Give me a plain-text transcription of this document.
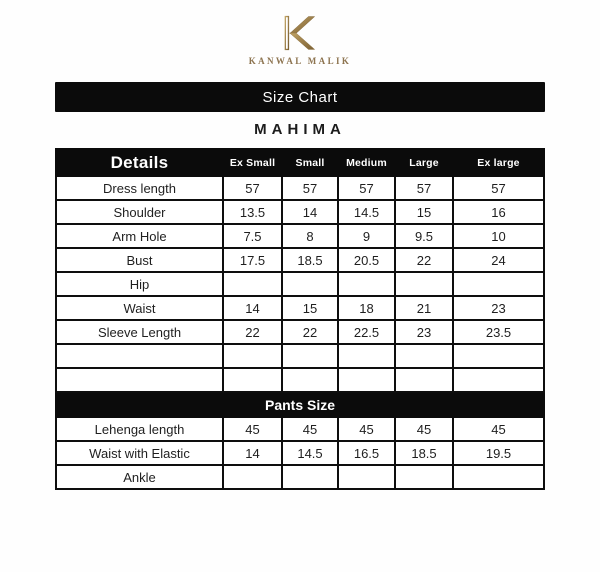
KANWAL MALIK
Size Chart
MAHIMA
Details	Ex Small	Small	Medium	Large	Ex large
Dress length	57	57	57	57	57
Shoulder	13.5	14	14.5	15	16
Arm Hole	7.5	8	9	9.5	10
Bust	17.5	18.5	20.5	22	24
Hip					
Waist	14	15	18	21	23
Sleeve Length	22	22	22.5	23	23.5

Pants Size					
Lehenga length	45	45	45	45	45
Waist with Elastic	14	14.5	16.5	18.5	19.5
Ankle					
